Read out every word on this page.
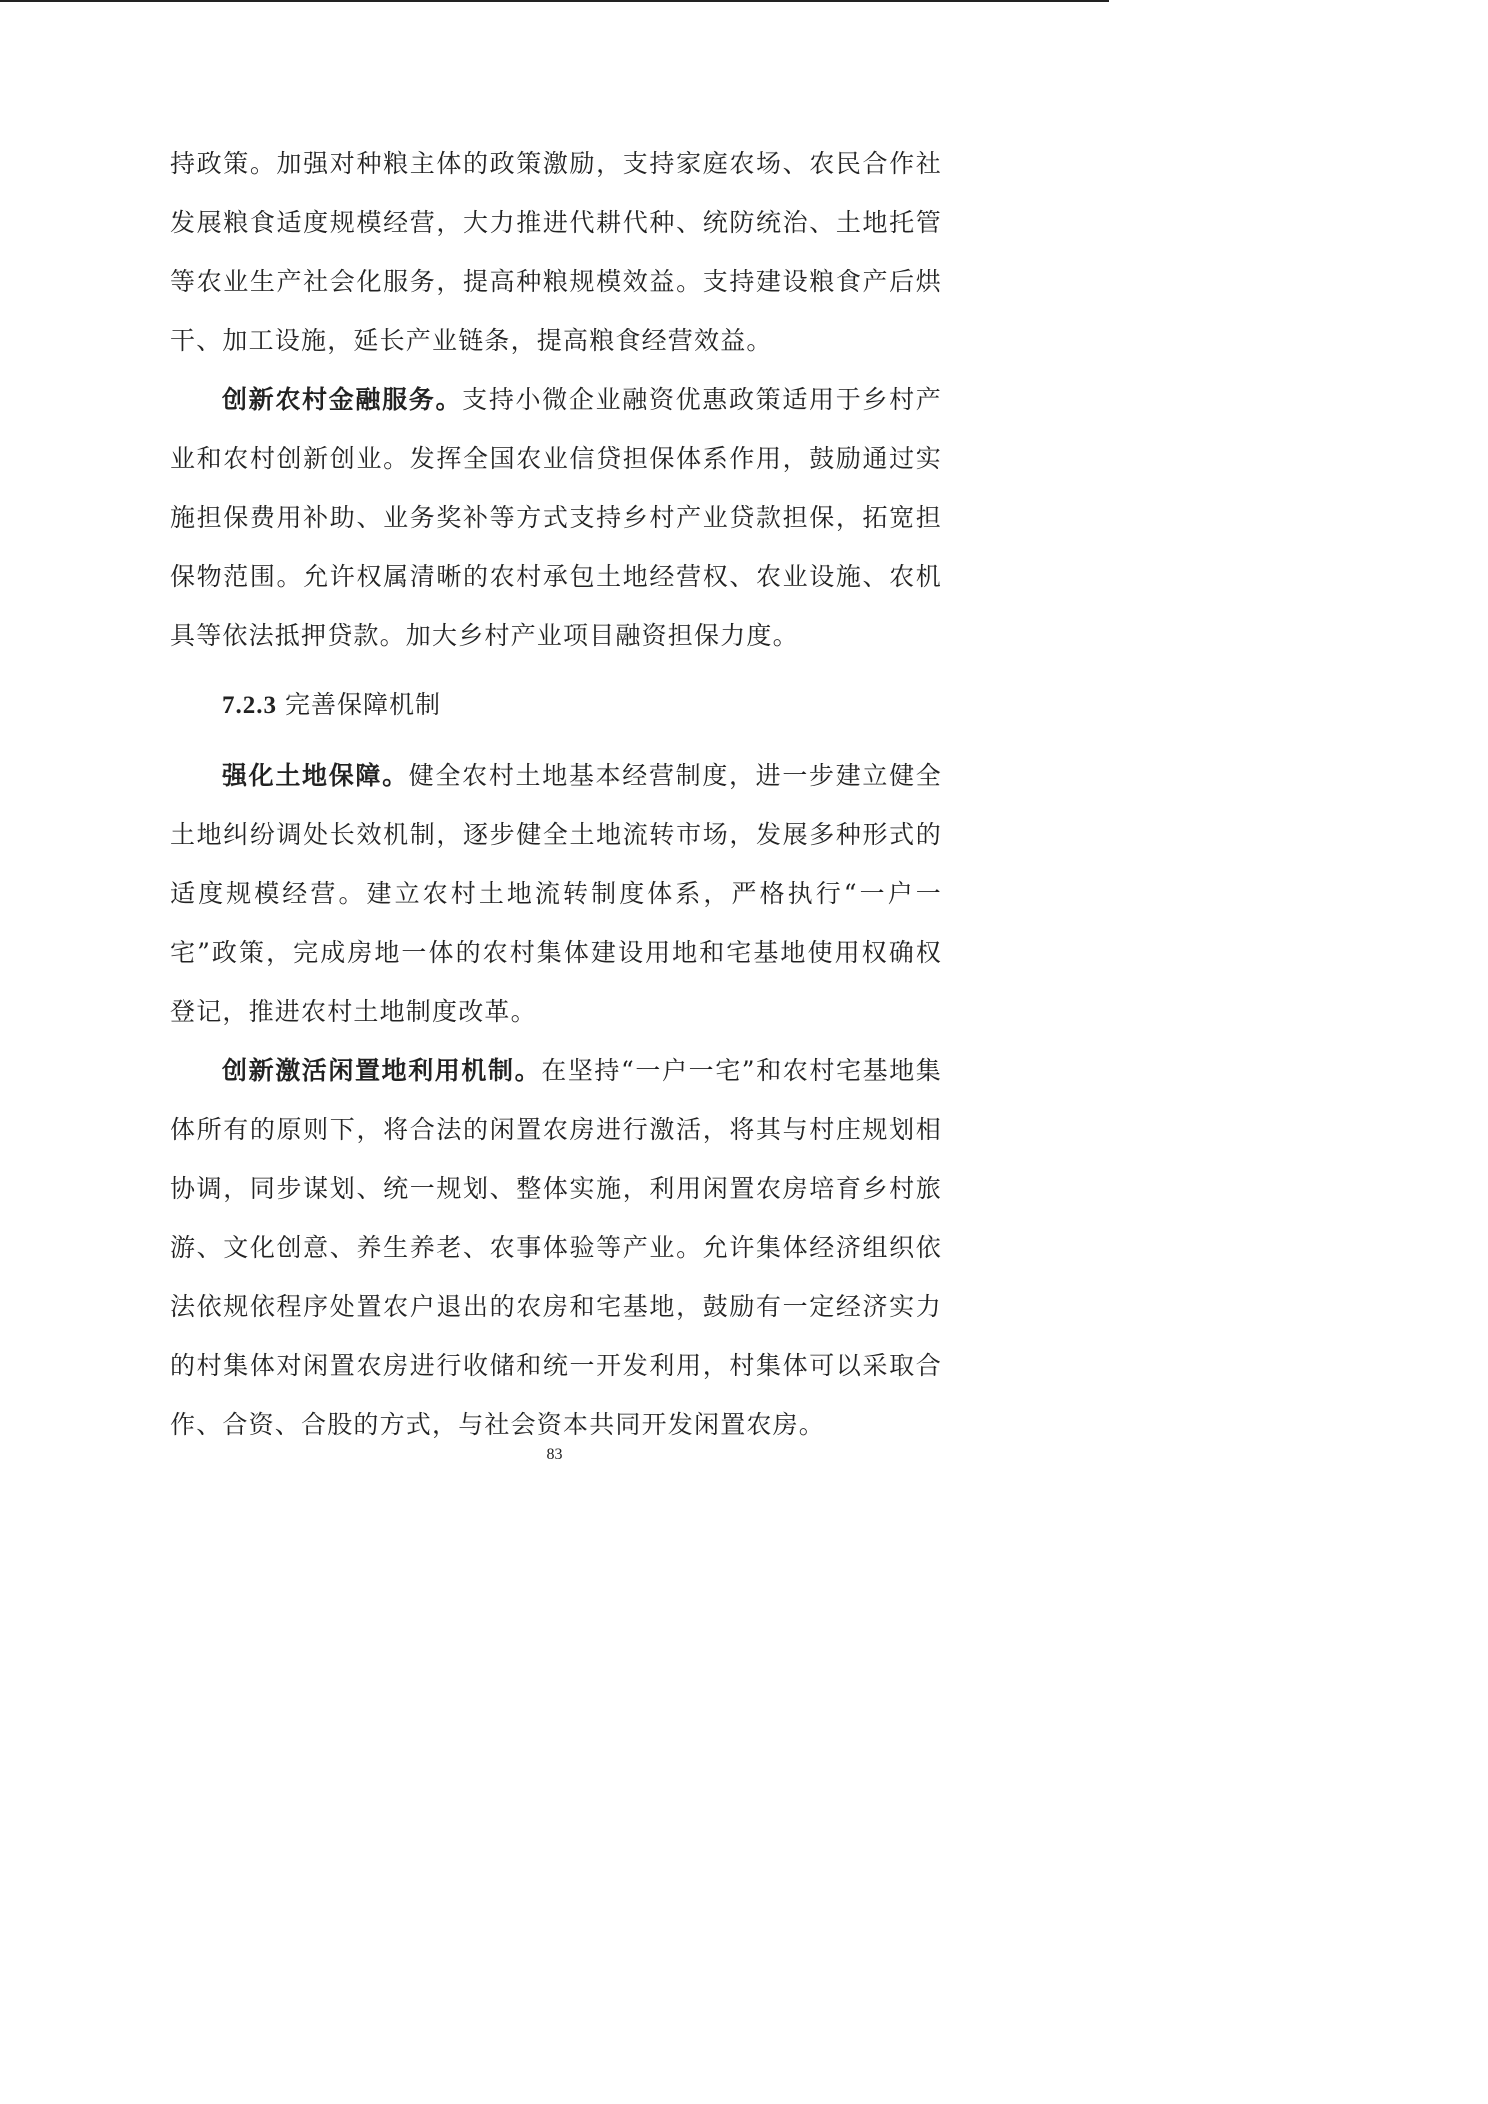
持政策。加强对种粮主体的政策激励，支持家庭农场、农民合作社发展粮食适度规模经营，大力推进代耕代种、统防统治、土地托管等农业生产社会化服务，提高种粮规模效益。支持建设粮食产后烘干、加工设施，延长产业链条，提高粮食经营效益。

创新农村金融服务。支持小微企业融资优惠政策适用于乡村产业和农村创新创业。发挥全国农业信贷担保体系作用，鼓励通过实施担保费用补助、业务奖补等方式支持乡村产业贷款担保，拓宽担保物范围。允许权属清晰的农村承包土地经营权、农业设施、农机具等依法抵押贷款。加大乡村产业项目融资担保力度。

7.2.3 完善保障机制

强化土地保障。健全农村土地基本经营制度，进一步建立健全土地纠纷调处长效机制，逐步健全土地流转市场，发展多种形式的适度规模经营。建立农村土地流转制度体系，严格执行“一户一宅”政策，完成房地一体的农村集体建设用地和宅基地使用权确权登记，推进农村土地制度改革。

创新激活闲置地利用机制。在坚持“一户一宅”和农村宅基地集体所有的原则下，将合法的闲置农房进行激活，将其与村庄规划相协调，同步谋划、统一规划、整体实施，利用闲置农房培育乡村旅游、文化创意、养生养老、农事体验等产业。允许集体经济组织依法依规依程序处置农户退出的农房和宅基地，鼓励有一定经济实力的村集体对闲置农房进行收储和统一开发利用，村集体可以采取合作、合资、合股的方式，与社会资本共同开发闲置农房。

83
